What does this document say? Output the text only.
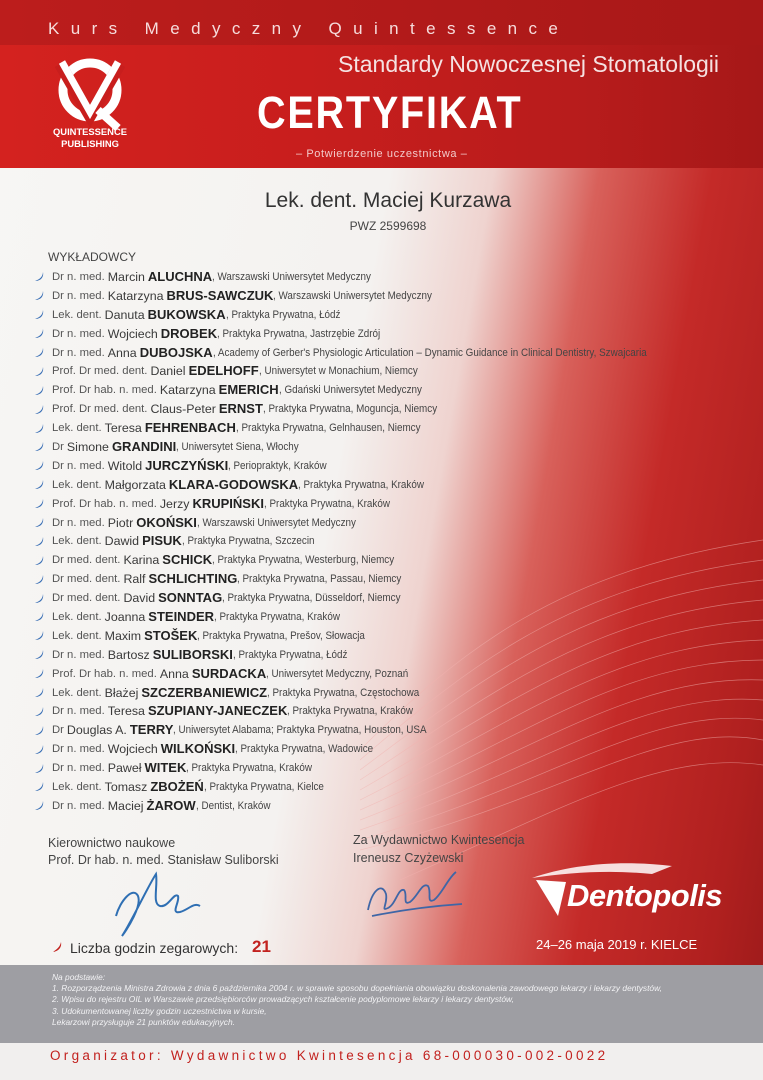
Kurs Medyczny Quintessence
QUINTESSENCE
PUBLISHING
Standardy Nowoczesnej Stomatologii
CERTYFIKAT
– Potwierdzenie uczestnictwa –
Lek. dent. Maciej Kurzawa
PWZ 2599698
WYKŁADOWCY
Dr n. med. Marcin ALUCHNA , Warszawski Uniwersytet Medyczny
Dr n. med. Katarzyna BRUS-SAWCZUK , Warszawski Uniwersytet Medyczny
Lek. dent. Danuta BUKOWSKA , Praktyka Prywatna, Łódź
Dr n. med. Wojciech DROBEK , Praktyka Prywatna, Jastrzębie Zdrój
Dr n. med. Anna DUBOJSKA , Academy of Gerber's Physiologic Articulation – Dynamic Guidance in Clinical Dentistry, Szwajcaria
Prof. Dr med. dent. Daniel EDELHOFF , Uniwersytet w Monachium, Niemcy
Prof. Dr hab. n. med. Katarzyna EMERICH , Gdański Uniwersytet Medyczny
Prof. Dr med. dent. Claus-Peter ERNST , Praktyka Prywatna, Moguncja, Niemcy
Lek. dent. Teresa FEHRENBACH , Praktyka Prywatna, Gelnhausen, Niemcy
Dr Simone GRANDINI , Uniwersytet Siena, Włochy
Dr n. med. Witold JURCZYŃSKI , Periopraktyk, Kraków
Lek. dent. Małgorzata KLARA-GODOWSKA , Praktyka Prywatna, Kraków
Prof. Dr hab. n. med. Jerzy KRUPIŃSKI , Praktyka Prywatna, Kraków
Dr n. med. Piotr OKOŃSKI , Warszawski Uniwersytet Medyczny
Lek. dent. Dawid PISUK , Praktyka Prywatna, Szczecin
Dr med. dent. Karina SCHICK , Praktyka Prywatna, Westerburg, Niemcy
Dr med. dent. Ralf SCHLICHTING , Praktyka Prywatna, Passau, Niemcy
Dr med. dent. David SONNTAG , Praktyka Prywatna, Düsseldorf, Niemcy
Lek. dent. Joanna STEINDER , Praktyka Prywatna, Kraków
Lek. dent. Maxim STOŠEK , Praktyka Prywatna, Prešov, Słowacja
Dr n. med. Bartosz SULIBORSKI , Praktyka Prywatna, Łódź
Prof. Dr hab. n. med. Anna SURDACKA , Uniwersytet Medyczny, Poznań
Lek. dent. Błażej SZCZERBANIEWICZ , Praktyka Prywatna, Częstochowa
Dr n. med. Teresa SZUPIANY-JANECZEK , Praktyka Prywatna, Kraków
Dr Douglas A. TERRY , Uniwersytet Alabama; Praktyka Prywatna, Houston, USA
Dr n. med. Wojciech WILKOŃSKI , Praktyka Prywatna, Wadowice
Dr n. med. Paweł WITEK , Praktyka Prywatna, Kraków
Lek. dent. Tomasz ZBOŻEŃ , Praktyka Prywatna, Kielce
Dr n. med. Maciej ŻAROW , Dentist, Kraków
Kierownictwo naukowe
Prof. Dr hab. n. med. Stanisław Suliborski
Za Wydawnictwo Kwintesencja
Ireneusz Czyżewski
Dentopolis
24–26 maja 2019 r. KIELCE
Liczba godzin zegarowych: 21
Na podstawie:
1. Rozporządzenia Ministra Zdrowia z dnia 6 października 2004 r. w sprawie sposobu dopełniania obowiązku doskonalenia zawodowego lekarzy i lekarzy dentystów,
2. Wpisu do rejestru OIL w Warszawie przedsiębiorców prowadzących kształcenie podyplomowe lekarzy i lekarzy dentystów,
3. Udokumentowanej liczby godzin uczestnictwa w kursie,
Lekarzowi przysługuje 21 punktów edukacyjnych.
Organizator: Wydawnictwo Kwintesencja 68-000030-002-0022
